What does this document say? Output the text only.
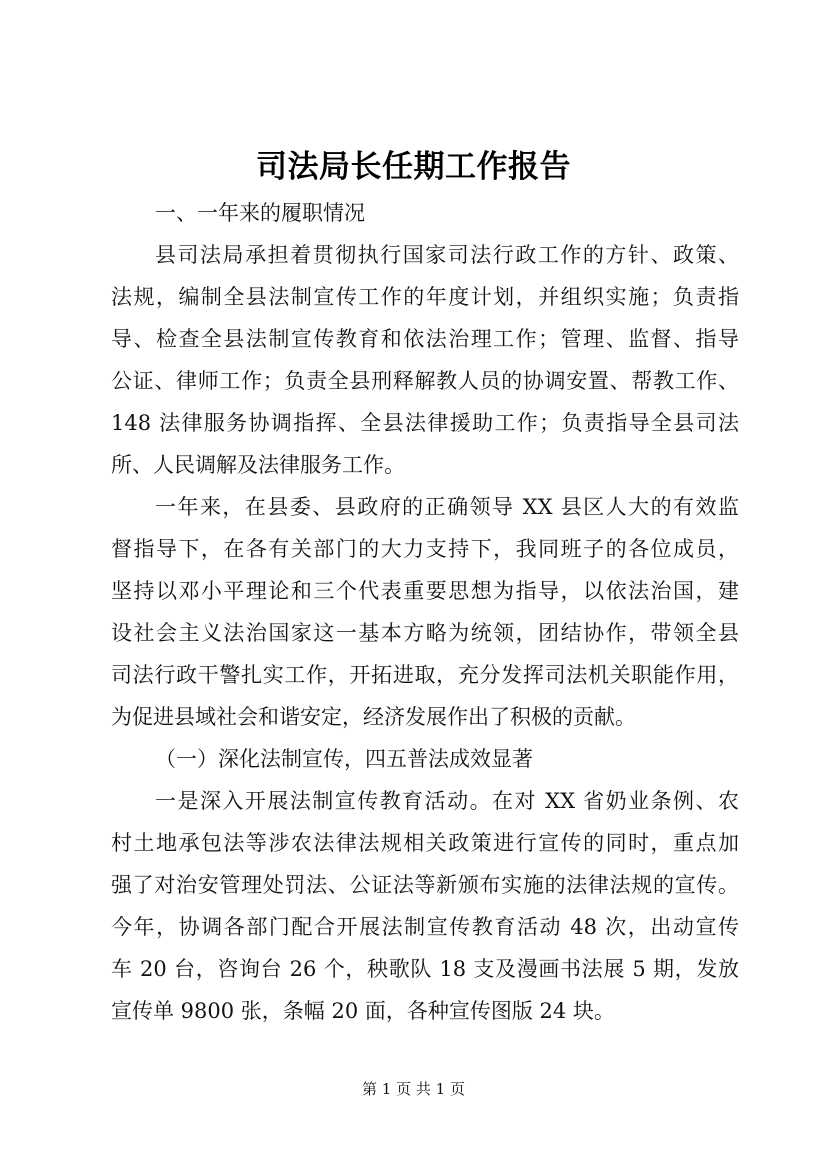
司法局长任期工作报告
一、一年来的履职情况
县司法局承担着贯彻执行国家司法行政工作的方针、政策、
法规，编制全县法制宣传工作的年度计划，并组织实施；负责指
导、检查全县法制宣传教育和依法治理工作；管理、监督、指导
公证、律师工作；负责全县刑释解教人员的协调安置、帮教工作、
148 法律服务协调指挥、全县法律援助工作；负责指导全县司法
所、人民调解及法律服务工作。
一年来，在县委、县政府的正确领导 XX 县区人大的有效监
督指导下，在各有关部门的大力支持下，我同班子的各位成员，
坚持以邓小平理论和三个代表重要思想为指导，以依法治国，建
设社会主义法治国家这一基本方略为统领，团结协作，带领全县
司法行政干警扎实工作，开拓进取，充分发挥司法机关职能作用，
为促进县域社会和谐安定，经济发展作出了积极的贡献。
（一）深化法制宣传，四五普法成效显著
一是深入开展法制宣传教育活动。在对 XX 省奶业条例、农
村土地承包法等涉农法律法规相关政策进行宣传的同时，重点加
强了对治安管理处罚法、公证法等新颁布实施的法律法规的宣传。
今年，协调各部门配合开展法制宣传教育活动 48 次，出动宣传
车 20 台，咨询台 26 个，秧歌队 18 支及漫画书法展 5 期，发放
宣传单 9800 张，条幅 20 面，各种宣传图版 24 块。
第 1 页 共 1 页
